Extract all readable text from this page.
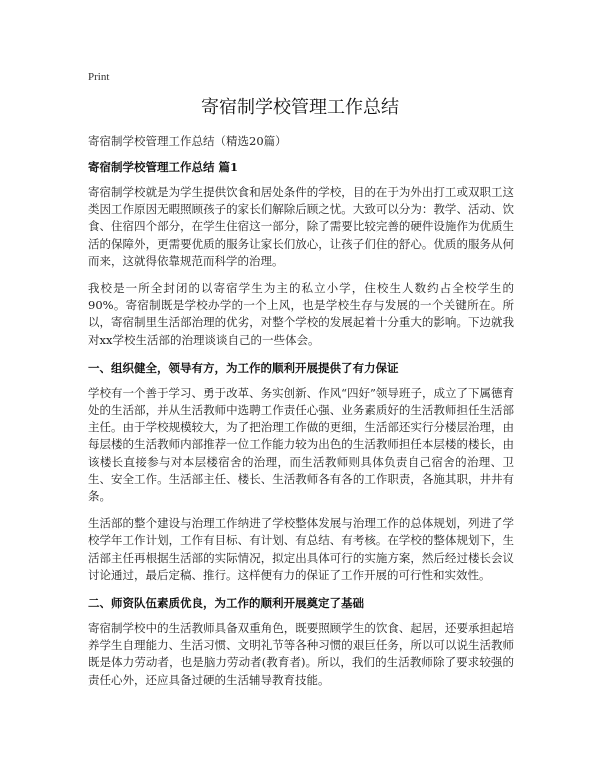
Print
寄宿制学校管理工作总结

寄宿制学校管理工作总结（精选20篇）

寄宿制学校管理工作总结 篇1

寄宿制学校就是为学生提供饮食和居处条件的学校，目的在于为外出打工或双职工这类因工作原因无暇照顾孩子的家长们解除后顾之忧。大致可以分为：教学、活动、饮食、住宿四个部分，在学生住宿这一部分，除了需要比较完善的硬件设施作为优质生活的保障外，更需要优质的服务让家长们放心，让孩子们住的舒心。优质的服务从何而来，这就得依靠规范而科学的治理。

我校是一所全封闭的以寄宿学生为主的私立小学，住校生人数约占全校学生的90%。寄宿制既是学校办学的一个上风，也是学校生存与发展的一个关键所在。所以，寄宿制里生活部治理的优劣，对整个学校的发展起着十分重大的影响。下边就我对xx学校生活部的治理谈谈自己的一些体会。

一、组织健全，领导有方，为工作的顺利开展提供了有力保证

学校有一个善于学习、勇于改革、务实创新、作风“四好”领导班子，成立了下属德育处的生活部，并从生活教师中选聘工作责任心强、业务素质好的生活教师担任生活部主任。由于学校规模较大，为了把治理工作做的更细，生活部还实行分楼层治理，由每层楼的生活教师内部推荐一位工作能力较为出色的生活教师担任本层楼的楼长，由该楼长直接参与对本层楼宿舍的治理，而生活教师则具体负责自己宿舍的治理、卫生、安全工作。生活部主任、楼长、生活教师各有各的工作职责，各施其职，井井有条。

生活部的整个建设与治理工作纳进了学校整体发展与治理工作的总体规划，列进了学校学年工作计划，工作有目标、有计划、有总结、有考核。在学校的整体规划下，生活部主任再根据生活部的实际情况，拟定出具体可行的实施方案，然后经过楼长会议讨论通过，最后定稿、推行。这样便有力的保证了工作开展的可行性和实效性。

二、师资队伍素质优良，为工作的顺利开展奠定了基础

寄宿制学校中的生活教师具备双重角色，既要照顾学生的饮食、起居，还要承担起培养学生自理能力、生活习惯、文明礼节等各种习惯的艰巨任务，所以可以说生活教师既是体力劳动者，也是脑力劳动者(教育者)。所以，我们的生活教师除了要求较强的责任心外，还应具备过硬的生活辅导教育技能。
